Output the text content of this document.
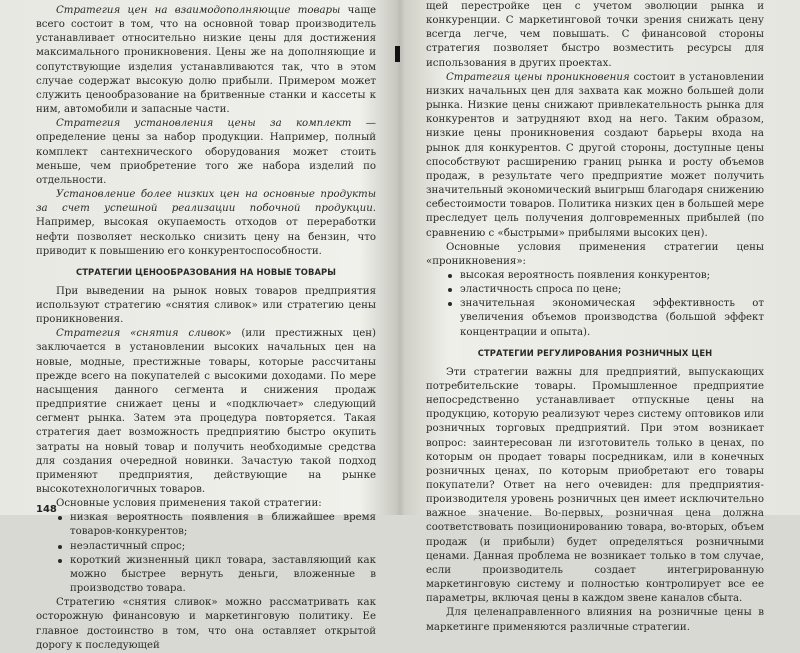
Стратегия цен на взаимодополняющие товары чаще всего состоит в том, что на основной товар производитель устанавливает относительно низкие цены для достижения максимального проникновения. Цены же на дополняющие и сопутствующие изделия устанавливаются так, что в этом случае содержат высокую долю прибыли. Примером может служить ценообразование на бритвенные станки и кассеты к ним, автомобили и запасные части.

Стратегия установления цены за комплект — определение цены за набор продукции. Например, полный комплект сантехнического оборудования может стоить меньше, чем приобретение того же набора изделий по отдельности.

Установление более низких цен на основные продукты за счет успешной реализации побочной продукции. Например, высокая окупаемость отходов от переработки нефти позволяет несколько снизить цену на бензин, что приводит к повышению его конкурентоспособности.

СТРАТЕГИИ ЦЕНООБРАЗОВАНИЯ НА НОВЫЕ ТОВАРЫ

При выведении на рынок новых товаров предприятия используют стратегию «снятия сливок» или стратегию цены проникновения.

Стратегия «снятия сливок» (или престижных цен) заключается в установлении высоких начальных цен на новые, модные, престижные товары, которые рассчитаны прежде всего на покупателей с высокими доходами. По мере насыщения данного сегмента и снижения продаж предприятие снижает цены и «подключает» следующий сегмент рынка. Затем эта процедура повторяется. Такая стратегия дает возможность предприятию быстро окупить затраты на новый товар и получить необходимые средства для создания очередной новинки. Зачастую такой подход применяют предприятия, действующие на рынке высокотехнологичных товаров.

Основные условия применения такой стратегии:

низкая вероятность появления в ближайшее время товаров-конкурентов;
неэластичный спрос;
короткий жизненный цикл товара, заставляющий как можно быстрее вернуть деньги, вложенные в производство товара.

Стратегию «снятия сливок» можно рассматривать как осторожную финансовую и маркетинговую политику. Ее главное достоинство в том, что она оставляет открытой дорогу к последующей

148

щей перестройке цен с учетом эволюции рынка и конкуренции. С маркетинговой точки зрения снижать цену всегда легче, чем повышать. С финансовой стороны стратегия позволяет быстро возместить ресурсы для использования в других проектах.

Стратегия цены проникновения состоит в установлении низких начальных цен для захвата как можно большей доли рынка. Низкие цены снижают привлекательность рынка для конкурентов и затрудняют вход на него. Таким образом, низкие цены проникновения создают барьеры входа на рынок для конкурентов. С другой стороны, доступные цены способствуют расширению границ рынка и росту объемов продаж, в результате чего предприятие может получить значительный экономический выигрыш благодаря снижению себестоимости товаров. Политика низких цен в большей мере преследует цель получения долговременных прибылей (по сравнению с «быстрыми» прибылями высоких цен).

Основные условия применения стратегии цены «проникновения»:

высокая вероятность появления конкурентов;
эластичность спроса по цене;
значительная экономическая эффективность от увеличения объемов производства (большой эффект концентрации и опыта).
СТРАТЕГИИ РЕГУЛИРОВАНИЯ РОЗНИЧНЫХ ЦЕН

Эти стратегии важны для предприятий, выпускающих потребительские товары. Промышленное предприятие непосредственно устанавливает отпускные цены на продукцию, которую реализуют через систему оптовиков или розничных торговых предприятий. При этом возникает вопрос: заинтересован ли изготовитель только в ценах, по которым он продает товары посредникам, или в конечных розничных ценах, по которым приобретают его товары покупатели? Ответ на него очевиден: для предприятия-производителя уровень розничных цен имеет исключительно важное значение. Во-первых, розничная цена должна соответствовать позиционированию товара, во-вторых, объем продаж (и прибыли) будет определяться розничными ценами. Данная проблема не возникает только в том случае, если производитель создает интегрированную маркетинговую систему и полностью контролирует все ее параметры, включая цены в каждом звене каналов сбыта.

Для целенаправленного влияния на розничные цены в маркетинге применяются различные стратегии.
